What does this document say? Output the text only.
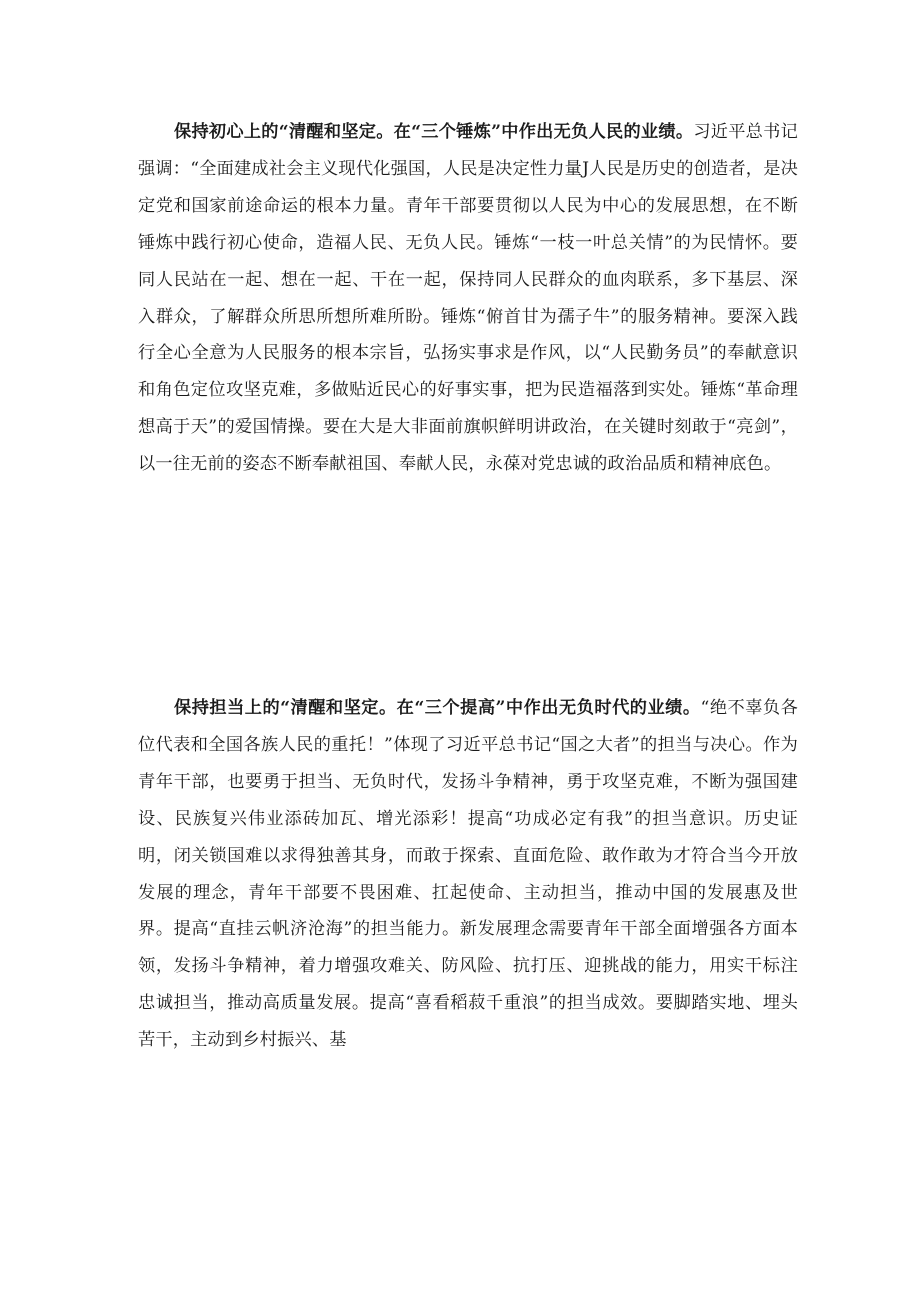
保持初心上的“清醒和坚定。在“三个锤炼”中作出无负人民的业绩。习近平总书记强调：“全面建成社会主义现代化强国，人民是决定性力量J人民是历史的创造者，是决定党和国家前途命运的根本力量。青年干部要贯彻以人民为中心的发展思想，在不断锤炼中践行初心使命，造福人民、无负人民。锤炼“一枝一叶总关情”的为民情怀。要同人民站在一起、想在一起、干在一起，保持同人民群众的血肉联系，多下基层、深入群众，了解群众所思所想所难所盼。锤炼“俯首甘为孺子牛”的服务精神。要深入践行全心全意为人民服务的根本宗旨，弘扬实事求是作风，以“人民勤务员”的奉献意识和角色定位攻坚克难，多做贴近民心的好事实事，把为民造福落到实处。锤炼“革命理想高于天”的爱国情操。要在大是大非面前旗帜鲜明讲政治，在关键时刻敢于“亮剑”，以一往无前的姿态不断奉献祖国、奉献人民，永葆对党忠诚的政治品质和精神底色。

保持担当上的“清醒和坚定。在“三个提高”中作出无负时代的业绩。“绝不辜负各位代表和全国各族人民的重托！”体现了习近平总书记“国之大者”的担当与决心。作为青年干部，也要勇于担当、无负时代，发扬斗争精神，勇于攻坚克难，不断为强国建设、民族复兴伟业添砖加瓦、增光添彩！提高“功成必定有我”的担当意识。历史证明，闭关锁国难以求得独善其身，而敢于探索、直面危险、敢作敢为才符合当今开放发展的理念，青年干部要不畏困难、扛起使命、主动担当，推动中国的发展惠及世界。提高“直挂云帆济沧海”的担当能力。新发展理念需要青年干部全面增强各方面本领，发扬斗争精神，着力增强攻难关、防风险、抗打压、迎挑战的能力，用实干标注忠诚担当，推动高质量发展。提高“喜看稻菽千重浪”的担当成效。要脚踏实地、埋头苦干，主动到乡村振兴、基
